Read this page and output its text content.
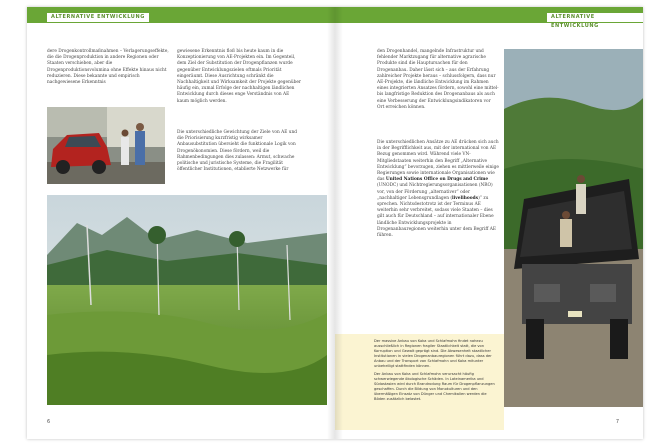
ALTERNATIVE ENTWICKLUNG

dere Drogenkontrollmaßnahmen – Verlagerungseffekte, die die Drogenproduktion in andere Regionen oder Staaten verschieben, aber die Drogenproduktionsvolumina ohne Effekte hinaus nicht reduzieren. Diese bekannte und empirisch nachgewiesene Erkenntnis

gewiesene Erkenntnis floß bis heute kaum in die Konzeptionierung von AE-Projekten ein. Im Gegenteil, dem Ziel der Substitution der Drogenpflanzen wurde gegenüber Entwicklungszielen oftmals Priorität eingeräumt. Diese Ausrichtung schränkt die Nachhaltigkeit und Wirksamkeit der Projekte gegenüber häufig ein, zumal Erfolge der nachhaltigen ländlichen Entwicklung durch dieses enge Verständnis von AE kaum möglich werden.

Die unterschiedliche Gewichtung der Ziele von AE und die Priorisierung kurzfristig wirksamer Anbausubstitution übersieht die funktionale Logik von Drogenökonomien. Diese fördern, weil die Rahmenbedingungen dies zulassen: Armut, schwache politische und juristische Systeme, die Fragilität öffentlicher Institutionen, etablierte Netzwerke für

6
ALTERNATIVE ENTWICKLUNG

den Drogenhandel, mangelnde Infrastruktur und fehlender Marktzugang für alternative agrarische Produkte sind die Hauptursachen für den Drogenanbau. Daher lässt sich – aus der Erfahrung zahlreicher Projekte heraus – schlussfolgern, dass nur AE-Projekte, die ländliche Entwicklung im Rahmen eines integrierten Ansatzes fördern, sowohl eine mittel- bis langfristige Reduktion des Drogenanbaus als auch eine Verbesserung der Entwicklungsindikatoren vor Ort erreichen können.

Die unterschiedlichen Ansätze zu AE drücken sich auch in der Begrifflichkeit aus, mit der international von AE Bezug genommen wird. Während viele VN-Mitgliedstaaten weiterhin den Begriff „Alternative Entwicklung“ bevorzugen, ziehen es mittlerweile einige Regierungen sowie internationale Organisationen wie das United Nations Office on Drugs and Crime (UNODC) und Nichtregierungsorganisationen (NRO) vor, von der Förderung „alternativer“ oder „nachhaltiger Lebensgrundlagen (livelihoods)“ zu sprechen. Nichtsdestotrotz ist der Terminus AE weiterhin sehr verbreitet, sodass viele Staaten – dies gilt auch für Deutschland – auf internationaler Ebene ländliche Entwicklungsprojekte in Drogenanbauregionen weiterhin unter dem Begriff AE führen.

7

Der massive Anbau von Koka und Schlafmohn findet nahezu ausschließlich in Regionen fragiler Staatlichkeit statt, die von Korruption und Gewalt geprägt sind. Die Abwesenheit staatlicher Institutionen in vielen Drogenanbauregionen führt dazu, dass der Anbau und der Transport von Schlafmohn und Koka mitunter unbehelligt stattfinden können.

Der Anbau von Koka und Schlafmohn verursacht häufig schwerwiegende ökologische Schäden. In Lateinamerika und Südostasien wird durch Brandrodung Raum für Drogenpflanzungen geschaffen. Durch die Bildung von Monokulturen und den übermäßigen Einsatz von Dünger und Chemikalien werden die Böden zusätzlich belastet.
